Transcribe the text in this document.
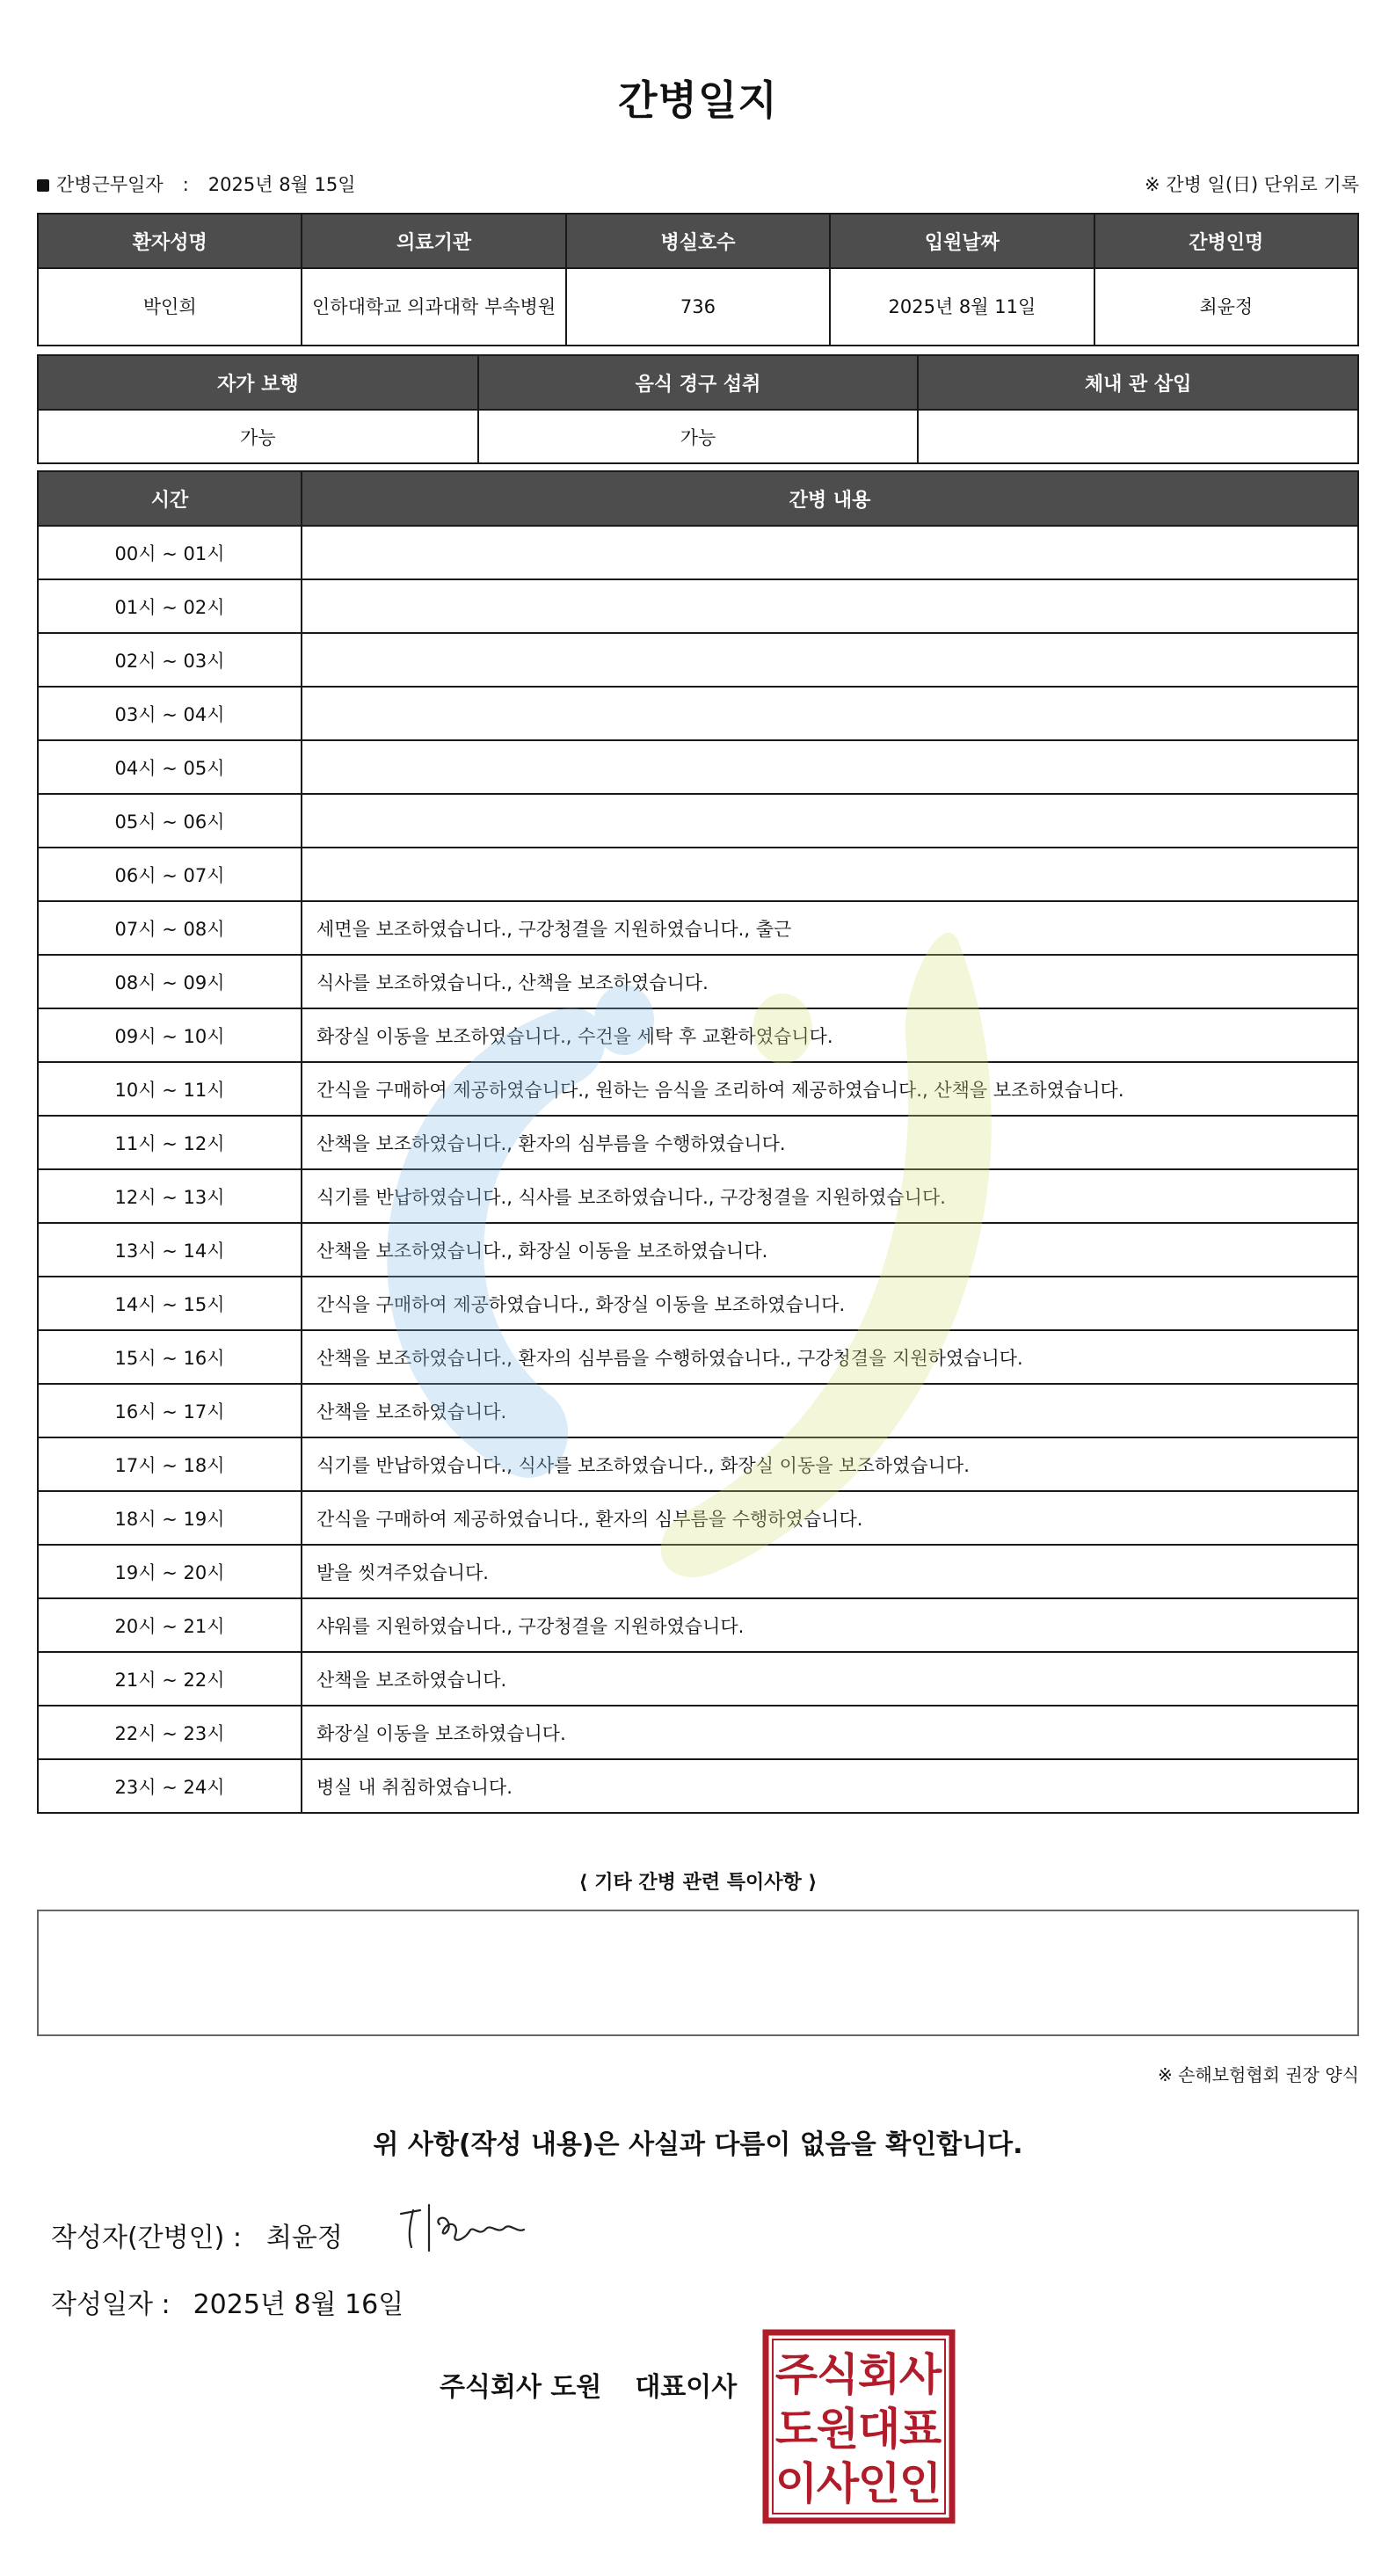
간병일지
간병근무일자 : 2025년 8월 15일	※ 간병 일(日) 단위로 기록
환자성명	의료기관	병실호수	입원날짜	간병인명
박인희	인하대학교 의과대학 부속병원	736	2025년 8월 11일	최윤정
자가 보행	음식 경구 섭취	체내 관 삽입
가능	가능	
시간	간병 내용
00시 ~ 01시	
01시 ~ 02시	
02시 ~ 03시	
03시 ~ 04시	
04시 ~ 05시	
05시 ~ 06시	
06시 ~ 07시	
07시 ~ 08시	세면을 보조하였습니다., 구강청결을 지원하였습니다., 출근
08시 ~ 09시	식사를 보조하였습니다., 산책을 보조하였습니다.
09시 ~ 10시	화장실 이동을 보조하였습니다., 수건을 세탁 후 교환하였습니다.
10시 ~ 11시	간식을 구매하여 제공하였습니다., 원하는 음식을 조리하여 제공하였습니다., 산책을 보조하였습니다.
11시 ~ 12시	산책을 보조하였습니다., 환자의 심부름을 수행하였습니다.
12시 ~ 13시	식기를 반납하였습니다., 식사를 보조하였습니다., 구강청결을 지원하였습니다.
13시 ~ 14시	산책을 보조하였습니다., 화장실 이동을 보조하였습니다.
14시 ~ 15시	간식을 구매하여 제공하였습니다., 화장실 이동을 보조하였습니다.
15시 ~ 16시	산책을 보조하였습니다., 환자의 심부름을 수행하였습니다., 구강청결을 지원하였습니다.
16시 ~ 17시	산책을 보조하였습니다.
17시 ~ 18시	식기를 반납하였습니다., 식사를 보조하였습니다., 화장실 이동을 보조하였습니다.
18시 ~ 19시	간식을 구매하여 제공하였습니다., 환자의 심부름을 수행하였습니다.
19시 ~ 20시	발을 씻겨주었습니다.
20시 ~ 21시	샤워를 지원하였습니다., 구강청결을 지원하였습니다.
21시 ~ 22시	산책을 보조하였습니다.
22시 ~ 23시	화장실 이동을 보조하였습니다.
23시 ~ 24시	병실 내 취침하였습니다.
⟨ 기타 간병 관련 특이사항 ⟩
※ 손해보험협회 권장 양식
위 사항(작성 내용)은 사실과 다름이 없음을 확인합니다.
작성자(간병인) : 최윤정
작성일자 : 2025년 8월 16일
주식회사 도원 대표이사 주
식
회
사
도
원
대
표
이
사
인
인
